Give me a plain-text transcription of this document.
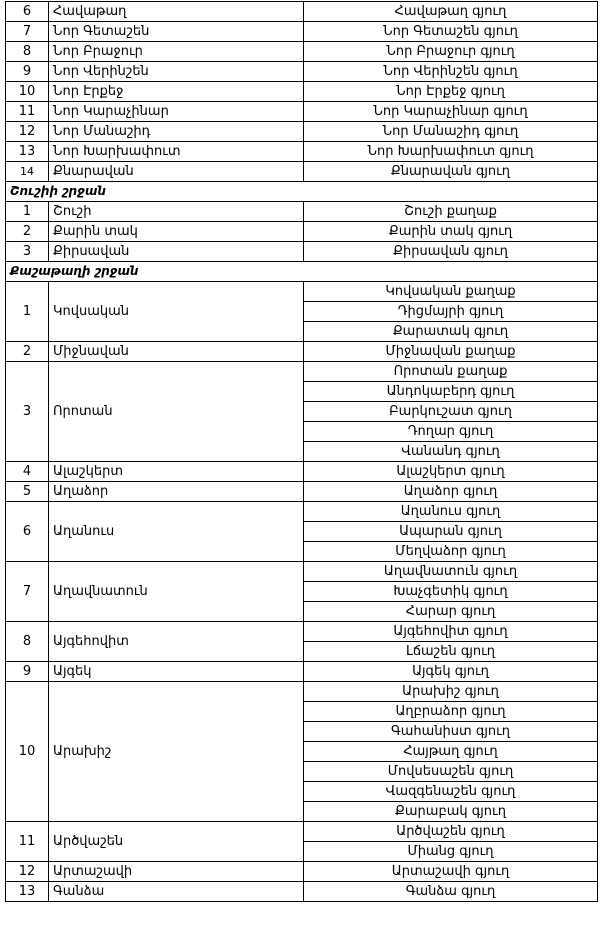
6	Հավաթաղ	Հավաթաղ գյուղ
7	Նոր Գետաշեն	Նոր Գետաշեն գյուղ
8	Նոր Բրաջուր	Նոր Բրաջուր գյուղ
9	Նոր Վերինշեն	Նոր Վերինշեն գյուղ
10	Նոր Էրքեջ	Նոր Էրքեջ գյուղ
11	Նոր Կարաչինար	Նոր Կարաչինար գյուղ
12	Նոր Մանաշիդ	Նոր Մանաշիդ գյուղ
13	Նոր Խարխափուտ	Նոր Խարխափուտ գյուղ
14	Քնարավան	Քնարավան գյուղ
Շուշիի շրջան		
1	Շուշի	Շուշի քաղաք
2	Քարին տակ	Քարին տակ գյուղ
3	Քիրսավան	Քիրսավան գյուղ
Քաշաթաղի շրջան		
1	Կովսական	Կովսական քաղաք
		Դիցմայրի գյուղ
		Քարատակ գյուղ
2	Միջնավան	Միջնավան քաղաք
3	Որոտան	Որոտան քաղաք
		Անդոկաբերդ գյուղ
		Բարկուշատ գյուղ
		Դողար գյուղ
		Վանանդ գյուղ
4	Ալաշկերտ	Ալաշկերտ գյուղ
5	Աղաձոր	Աղաձոր գյուղ
6	Աղանուս	Աղանուս գյուղ
		Ապարան գյուղ
		Մեղվաձոր գյուղ
7	Աղավնատուն	Աղավնատուն գյուղ
		Խաչգետիկ գյուղ
		Հարար գյուղ
8	Այգեհովիտ	Այգեհովիտ գյուղ
		Լճաշեն գյուղ
9	Այգեկ	Այգեկ գյուղ
10	Արախիշ	Արախիշ գյուղ
		Աղբրաձոր գյուղ
		Գահանիստ գյուղ
		Հայթաղ գյուղ
		Մովսեսաշեն գյուղ
		Վազգենաշեն գյուղ
		Քարաբակ գյուղ
11	Արծվաշեն	Արծվաշեն գյուղ
		Միանց գյուղ
12	Արտաշավի	Արտաշավի գյուղ
13	Գանձա	Գանձա գյուղ
